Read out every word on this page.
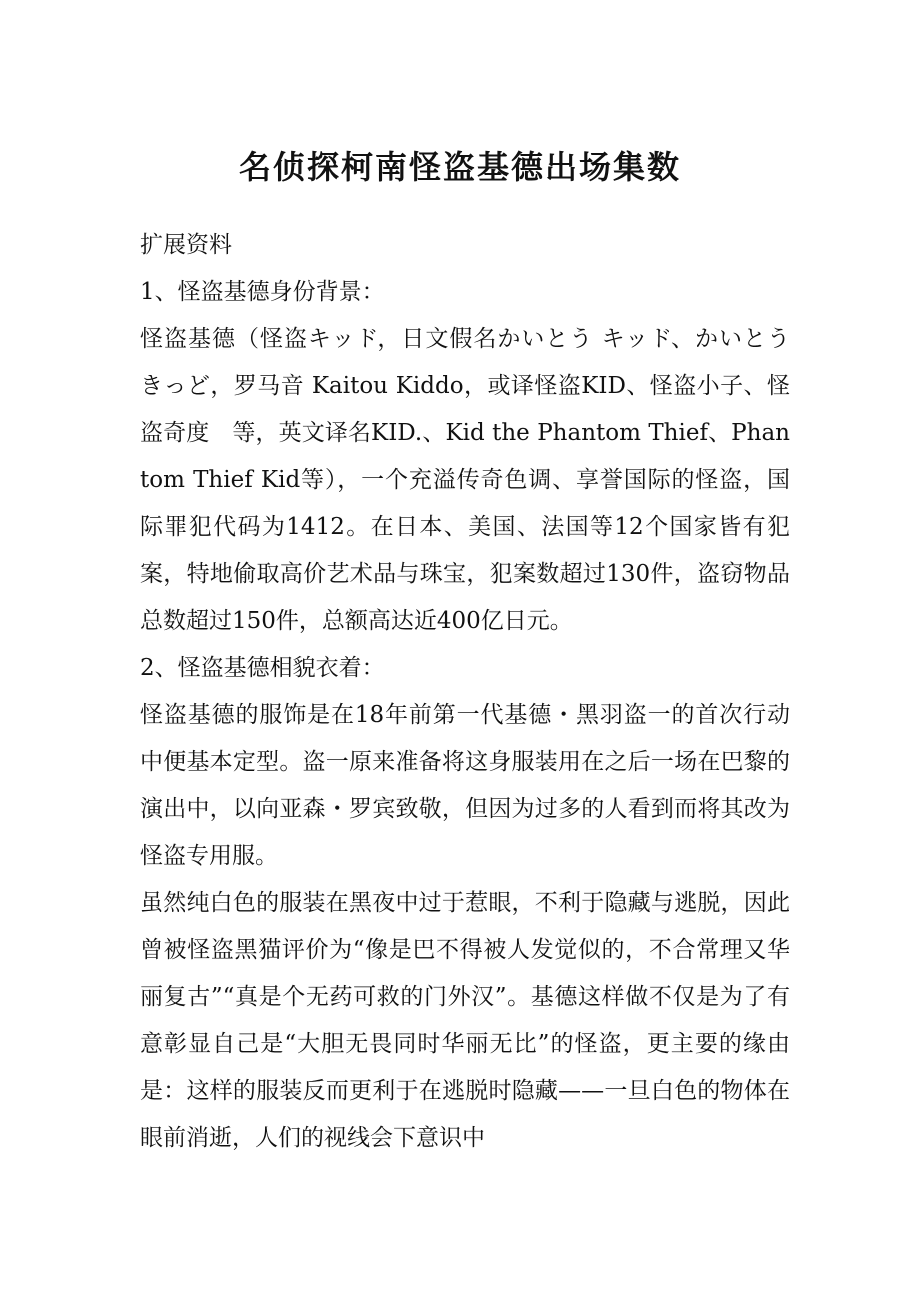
名侦探柯南怪盗基德出场集数

扩展资料

1、怪盗基德身份背景：

怪盗基德（怪盗キッド，日文假名かいとう キッド、かいとう きっど，罗马音 Kaitou Kiddo，或译怪盗KID、怪盗小子、怪盗奇度　等，英文译名KID.、Kid the Phantom Thief、Phantom Thief Kid等），一个充溢传奇色调、享誉国际的怪盗，国际罪犯代码为1412。在日本、美国、法国等12个国家皆有犯案，特地偷取高价艺术品与珠宝，犯案数超过130件，盗窃物品总数超过150件，总额高达近400亿日元。

2、怪盗基德相貌衣着：

怪盗基德的服饰是在18年前第一代基德・黑羽盗一的首次行动中便基本定型。盗一原来准备将这身服装用在之后一场在巴黎的演出中，以向亚森・罗宾致敬，但因为过多的人看到而将其改为怪盗专用服。

虽然纯白色的服装在黑夜中过于惹眼，不利于隐藏与逃脱，因此曾被怪盗黑猫评价为“像是巴不得被人发觉似的，不合常理又华丽复古”“真是个无药可救的门外汉”。基德这样做不仅是为了有意彰显自己是“大胆无畏同时华丽无比”的怪盗，更主要的缘由是：这样的服装反而更利于在逃脱时隐藏——一旦白色的物体在眼前消逝，人们的视线会下意识中
